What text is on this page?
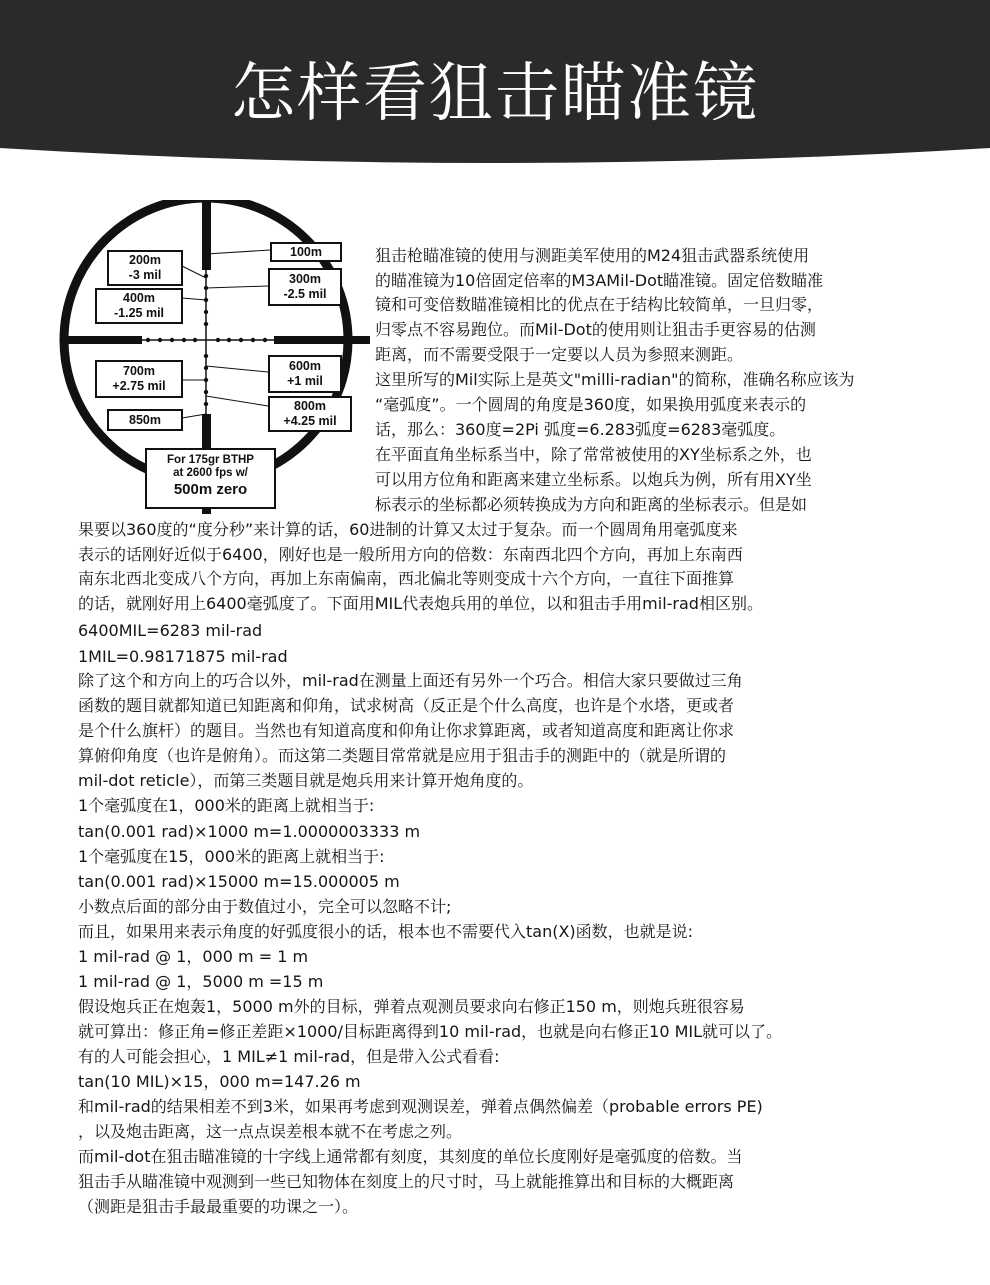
怎样看狙击瞄准镜
200m
-3 mil
400m
-1.25 mil
700m
+2.75 mil
850m
100m
300m
-2.5 mil
600m
+1 mil
800m
+4.25 mil
For 175gr BTHP
at 2600 fps w/
500m zero

狙击枪瞄准镜的使用与测距美军使用的M24狙击武器系统使用

的瞄准镜为10倍固定倍率的M3AMil-Dot瞄准镜。固定倍数瞄准

镜和可变倍数瞄准镜相比的优点在于结构比较简单，一旦归零，

归零点不容易跑位。而Mil-Dot的使用则让狙击手更容易的估测

距离，而不需要受限于一定要以人员为参照来测距。

这里所写的Mil实际上是英文"milli-radian"的简称，准确名称应该为

“毫弧度”。一个圆周的角度是360度，如果换用弧度来表示的

话，那么：360度=2Pi 弧度=6.283弧度=6283毫弧度。

在平面直角坐标系当中，除了常常被使用的XY坐标系之外，也

可以用方位角和距离来建立坐标系。以炮兵为例，所有用XY坐

标表示的坐标都必须转换成为方向和距离的坐标表示。但是如

果要以360度的“度分秒”来计算的话，60进制的计算又太过于复杂。而一个圆周角用毫弧度来

表示的话刚好近似于6400，刚好也是一般所用方向的倍数：东南西北四个方向，再加上东南西

南东北西北变成八个方向，再加上东南偏南，西北偏北等则变成十六个方向，一直往下面推算

的话，就刚好用上6400毫弧度了。下面用MIL代表炮兵用的单位，以和狙击手用mil-rad相区别。

6400MIL=6283 mil-rad

1MIL=0.98171875 mil-rad

除了这个和方向上的巧合以外，mil-rad在测量上面还有另外一个巧合。相信大家只要做过三角

函数的题目就都知道已知距离和仰角，试求树高（反正是个什么高度，也许是个水塔，更或者

是个什么旗杆）的题目。当然也有知道高度和仰角让你求算距离，或者知道高度和距离让你求

算俯仰角度（也许是俯角）。而这第二类题目常常就是应用于狙击手的测距中的（就是所谓的

mil-dot reticle），而第三类题目就是炮兵用来计算开炮角度的。

1个毫弧度在1，000米的距离上就相当于:

tan(0.001 rad)×1000 m=1.0000003333 m

1个毫弧度在15，000米的距离上就相当于:

tan(0.001 rad)×15000 m=15.000005 m

小数点后面的部分由于数值过小，完全可以忽略不计;

而且，如果用来表示角度的好弧度很小的话，根本也不需要代入tan(X)函数，也就是说:

1 mil-rad @ 1，000 m = 1 m

1 mil-rad @ 1，5000 m =15 m

假设炮兵正在炮轰1，5000 m外的目标，弹着点观测员要求向右修正150 m，则炮兵班很容易

就可算出：修正角=修正差距×1000/目标距离得到10 mil-rad，也就是向右修正10 MIL就可以了。

有的人可能会担心，1 MIL≠1 mil-rad，但是带入公式看看:

tan(10 MIL)×15，000 m=147.26 m

和mil-rad的结果相差不到3米，如果再考虑到观测误差，弹着点偶然偏差（probable errors PE)

，以及炮击距离，这一点点误差根本就不在考虑之列。

而mil-dot在狙击瞄准镜的十字线上通常都有刻度，其刻度的单位长度刚好是毫弧度的倍数。当

狙击手从瞄准镜中观测到一些已知物体在刻度上的尺寸时，马上就能推算出和目标的大概距离

（测距是狙击手最最重要的功课之一）。
